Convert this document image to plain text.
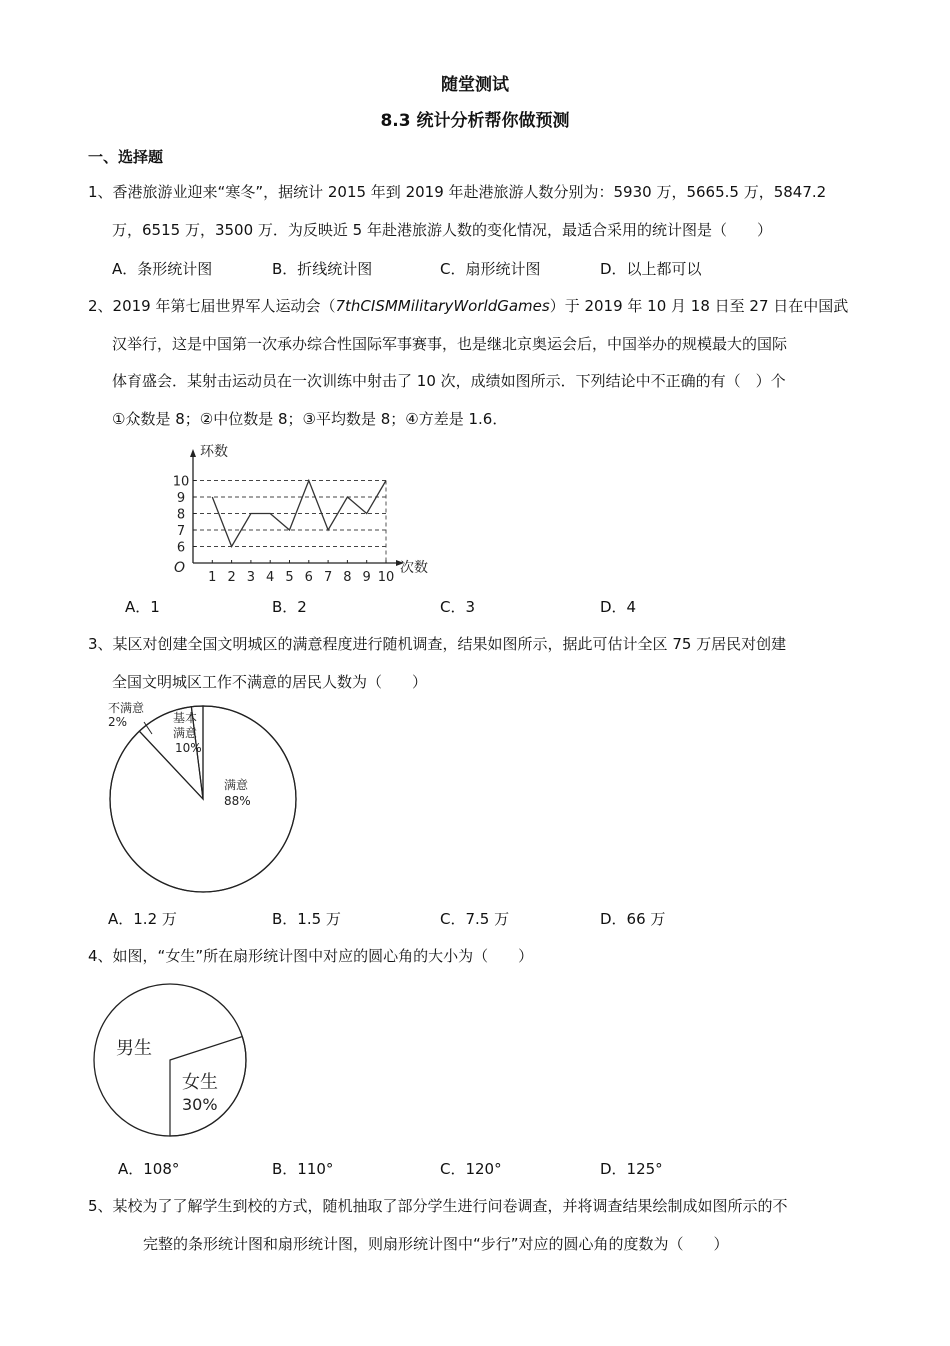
随堂测试
8.3 统计分析帮你做预测
一、选择题
1、香港旅游业迎来“寒冬”，据统计 2015 年到 2019 年赴港旅游人数分别为：5930 万，5665.5 万，5847.2
万，6515 万，3500 万．为反映近 5 年赴港旅游人数的变化情况，最适合采用的统计图是（　　）
A．条形统计图	B．折线统计图	C．扇形统计图	D．以上都可以
2、2019 年第七届世界军人运动会（7thCISMMilitaryWorldGames）于 2019 年 10 月 18 日至 27 日在中国武
汉举行，这是中国第一次承办综合性国际军事赛事，也是继北京奥运会后，中国举办的规模最大的国际
体育盛会．某射击运动员在一次训练中射击了 10 次，成绩如图所示．下列结论中不正确的有（　）个
①众数是 8；②中位数是 8；③平均数是 8；④方差是 1.6．
6
7
8
9
10
1 2 3 4 5 6 7 8 9 10
环数
次数
O
A．1	B．2	C．3	D．4
3、某区对创建全国文明城区的满意程度进行随机调查，结果如图所示，据此可估计全区 75 万居民对创建
全国文明城区工作不满意的居民人数为（　　）
不满意
2%	基本
满意
10%
满意
88%
A．1.2 万	B．1.5 万	C．7.5 万	D．66 万
4、如图，“女生”所在扇形统计图中对应的圆心角的大小为（　　）
男生
女生
30%
A．108°	B．110°	C．120°	D．125°
5、某校为了了解学生到校的方式，随机抽取了部分学生进行问卷调查，并将调查结果绘制成如图所示的不
完整的条形统计图和扇形统计图，则扇形统计图中“步行”对应的圆心角的度数为（　　）
